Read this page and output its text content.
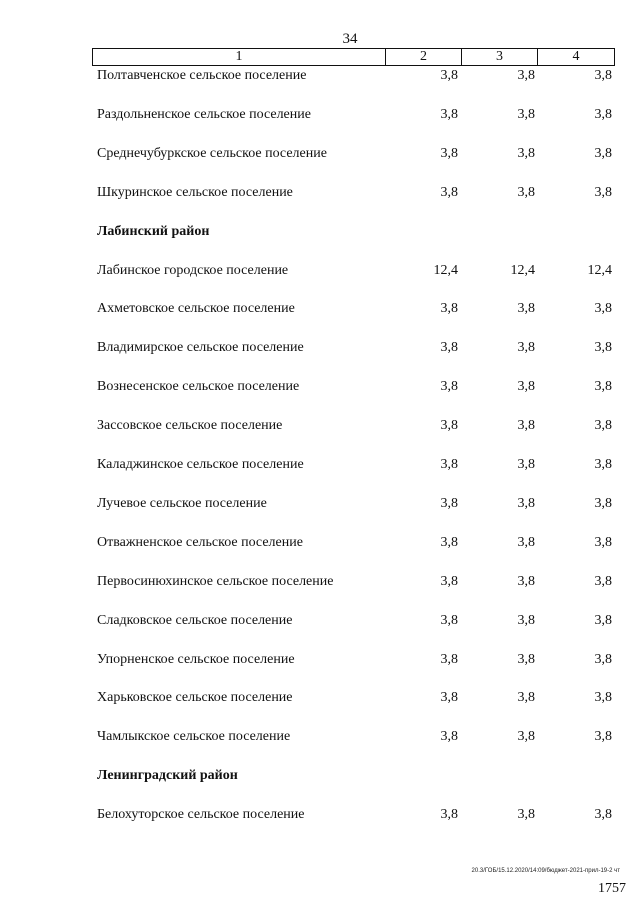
34
1	2	3	4
Полтавченское сельское поселение	3,8	3,8	3,8
Раздольненское сельское поселение	3,8	3,8	3,8
Среднечубуркское сельское поселение	3,8	3,8	3,8
Шкуринское сельское поселение	3,8	3,8	3,8
Лабинский район
Лабинское городское поселение	12,4	12,4	12,4
Ахметовское сельское поселение	3,8	3,8	3,8
Владимирское сельское поселение	3,8	3,8	3,8
Вознесенское сельское поселение	3,8	3,8	3,8
Зассовское сельское поселение	3,8	3,8	3,8
Каладжинское сельское поселение	3,8	3,8	3,8
Лучевое сельское поселение	3,8	3,8	3,8
Отважненское сельское поселение	3,8	3,8	3,8
Первосинюхинское сельское поселение	3,8	3,8	3,8
Сладковское сельское поселение	3,8	3,8	3,8
Упорненское сельское поселение	3,8	3,8	3,8
Харьковское сельское поселение	3,8	3,8	3,8
Чамлыкское сельское поселение	3,8	3,8	3,8
Ленинградский район
Белохуторское сельское поселение	3,8	3,8	3,8
20.3/ГОБ/15.12.2020/14:09/бюджет-2021-прил-19-2 чт
1757
